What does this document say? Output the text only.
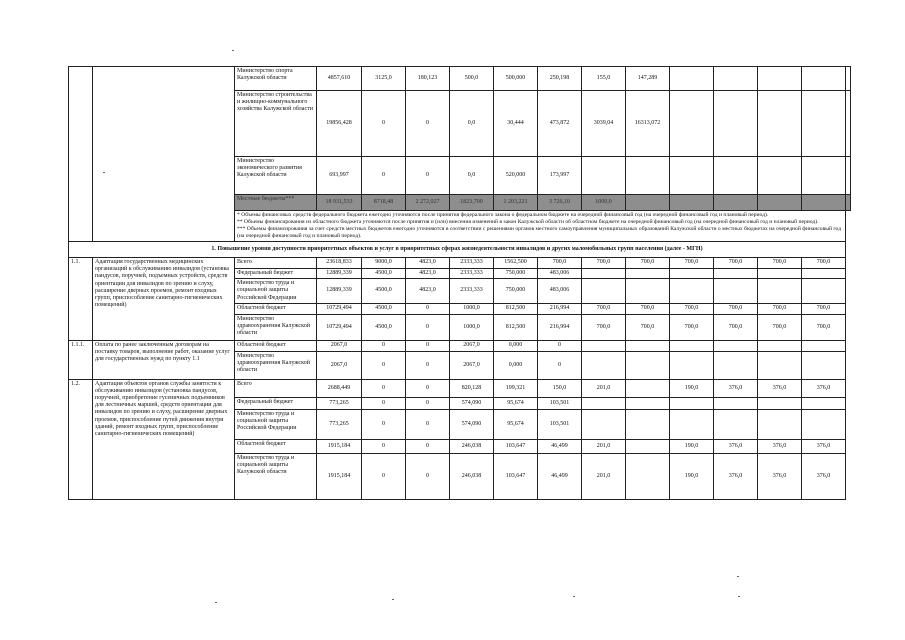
		Министерство спорта Калужской области	4857,610	3125,0	180,123	500,0	500,000	250,198	155,0	147,289					
		Министерство строительства и жилищно-коммунального хозяйства Калужской области	19856,428	0	0	0,0	30,444	473,872	3039,04	16313,072					
		Министерство экономического развития Калужской области	693,997	0	0	0,0	520,000	173,997							
		Местные бюджеты***	18 931,533	8718,48	2 272,027	1823,700	1 203,221	3 726,10	1000,0						

		* Объемы финансовых средств федерального бюджета ежегодно уточняются после принятия федерального закона о федеральном бюджете на очередной финансовый год (на очередной финансовый год и плановый период).
** Объемы финансирования из областного бюджета уточняются после принятия и (или) внесения изменений в закон Калужской области об областном бюджете на очередной финансовый год (на очередной финансовый год и плановый период).
*** Объемы финансирования за счет средств местных бюджетов ежегодно уточняются в соответствии с решениями органов местного самоуправления муниципальных образований Калужской области о местных бюджетах на очередной финансовый год (на очередной финансовый год и плановый период).													

1. Повышение уровня доступности приоритетных объектов и услуг в приоритетных сферах жизнедеятельности инвалидов и других маломобильных групп населения (далее - МГН)															
1.1.	Адаптация государственных медицинских организаций к обслуживанию инвалидов (установка пандусов, поручней, подъемных устройств, средств ориентации для инвалидов по зрению и слуху, расширение дверных проемов, ремонт входных групп, приспособление санитарно-гигиенических помещений)	Всего	23618,833	9000,0	4823,0	2333,333	1562,500	700,0	700,0	700,0	700,0	700,0	700,0	700,0	
		Федеральный бюджет	12889,339	4500,0	4823,0	2333,333	750,000	483,006							
		Министерство труда и социальной защиты Российской Федерации	12889,339	4500,0	4823,0	2333,333	750,000	483,006							
		Областной бюджет	10729,494	4500,0	0	1000,0	812,500	216,994	700,0	700,0	700,0	700,0	700,0	700,0	
		Министерство здравоохранения Калужской области	10729,494	4500,0	0	1000,0	812,500	216,994	700,0	700,0	700,0	700,0	700,0	700,0	
1.1.1.	Оплата по ранее заключенным договорам на поставку товаров, выполнение работ, оказание услуг для государственных нужд по пункту 1.1	Областной бюджет	2067,0	0	0	2067,0	0,000	0							
		Министерство здравоохранения Калужской области	2067,0	0	0	2067,0	0,000	0							
1.2.	Адаптация объектов органов службы занятости к обслуживанию инвалидов (установка пандусов, поручней, приобретение гусеничных подъемников для лестничных маршей, средств ориентации для инвалидов по зрению и слуху, расширение дверных проемов, приспособление путей движения внутри зданий, ремонт входных групп, приспособление санитарно-гигиенических помещений)	Всего	2688,449	0	0	820,128	199,321	150,0	201,0		190,0	376,0	376,0	376,0	
		Федеральный бюджет	773,265	0	0	574,090	95,674	103,501							
		Министерство труда и социальной защиты Российской Федерации	773,265	0	0	574,090	95,674	103,501							
		Областной бюджет	1915,184	0	0	246,038	103,647	46,499	201,0		190,0	376,0	376,0	376,0	
		Министерство труда и социальной защиты Калужской области	1915,184	0	0	246,038	103,647	46,499	201,0		190,0	376,0	376,0	376,0	
